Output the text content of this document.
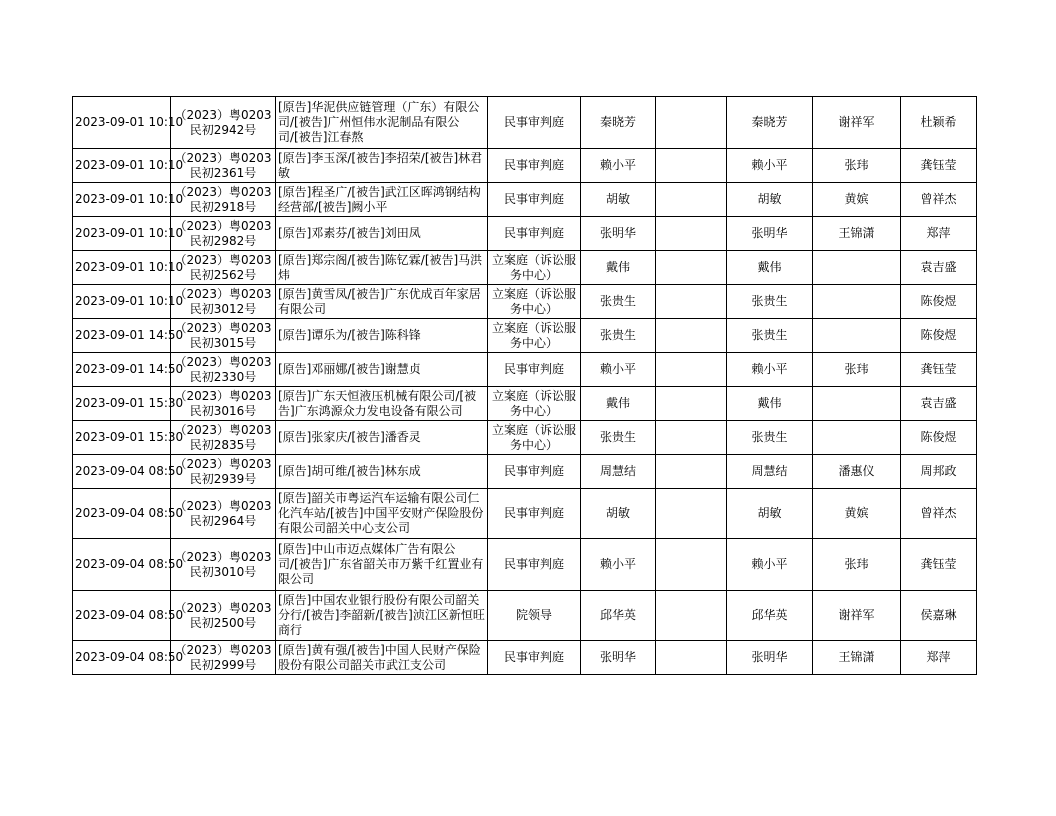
2023-09-01 10:10	（2023）粤0203民初2942号	[原告]华泥供应链管理（广东）有限公司/[被告]广州恒伟水泥制品有限公司/[被告]江春熬	民事审判庭	秦晓芳		秦晓芳	谢祥军	杜颖希
2023-09-01 10:10	（2023）粤0203民初2361号	[原告]李玉深/[被告]李招荣/[被告]林君敏	民事审判庭	赖小平		赖小平	张玮	龚钰莹
2023-09-01 10:10	（2023）粤0203民初2918号	[原告]程圣广/[被告]武江区晖鸿钢结构经营部/[被告]阙小平	民事审判庭	胡敏		胡敏	黄嫔	曾祥杰
2023-09-01 10:10	（2023）粤0203民初2982号	[原告]邓素芬/[被告]刘田凤	民事审判庭	张明华		张明华	王锦潇	郑萍
2023-09-01 10:10	（2023）粤0203民初2562号	[原告]郑宗阁/[被告]陈钇霖/[被告]马洪炜	立案庭（诉讼服务中心）	戴伟		戴伟		袁吉盛
2023-09-01 10:10	（2023）粤0203民初3012号	[原告]黄雪凤/[被告]广东优成百年家居有限公司	立案庭（诉讼服务中心）	张贵生		张贵生		陈俊煜
2023-09-01 14:50	（2023）粤0203民初3015号	[原告]谭乐为/[被告]陈科锋	立案庭（诉讼服务中心）	张贵生		张贵生		陈俊煜
2023-09-01 14:50	（2023）粤0203民初2330号	[原告]邓丽娜/[被告]谢慧贞	民事审判庭	赖小平		赖小平	张玮	龚钰莹
2023-09-01 15:30	（2023）粤0203民初3016号	[原告]广东天恒液压机械有限公司/[被告]广东鸿源众力发电设备有限公司	立案庭（诉讼服务中心）	戴伟		戴伟		袁吉盛
2023-09-01 15:30	（2023）粤0203民初2835号	[原告]张家庆/[被告]潘香灵	立案庭（诉讼服务中心）	张贵生		张贵生		陈俊煜
2023-09-04 08:50	（2023）粤0203民初2939号	[原告]胡可维/[被告]林东成	民事审判庭	周慧结		周慧结	潘惠仪	周邦政
2023-09-04 08:50	（2023）粤0203民初2964号	[原告]韶关市粤运汽车运输有限公司仁化汽车站/[被告]中国平安财产保险股份有限公司韶关中心支公司	民事审判庭	胡敏		胡敏	黄嫔	曾祥杰
2023-09-04 08:50	（2023）粤0203民初3010号	[原告]中山市迈点媒体广告有限公司/[被告]广东省韶关市万紫千红置业有限公司	民事审判庭	赖小平		赖小平	张玮	龚钰莹
2023-09-04 08:50	（2023）粤0203民初2500号	[原告]中国农业银行股份有限公司韶关分行/[被告]李韶新/[被告]浈江区新恒旺商行	院领导	邱华英		邱华英	谢祥军	侯嘉琳
2023-09-04 08:50	（2023）粤0203民初2999号	[原告]黄有强/[被告]中国人民财产保险股份有限公司韶关市武江支公司	民事审判庭	张明华		张明华	王锦潇	郑萍
